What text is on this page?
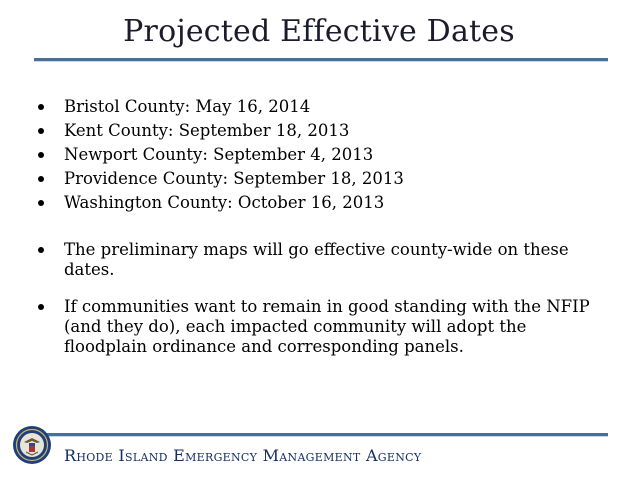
Projected Effective Dates
Bristol County: May 16, 2014
Kent County: September 18, 2013
Newport County: September 4, 2013
Providence County: September 18, 2013
Washington County: October 16, 2013
The preliminary maps will go effective county-wide on these dates.
If communities want to remain in good standing with the NFIP (and they do), each impacted community will adopt the floodplain ordinance and corresponding panels.
Rhode Island Emergency Management Agency
